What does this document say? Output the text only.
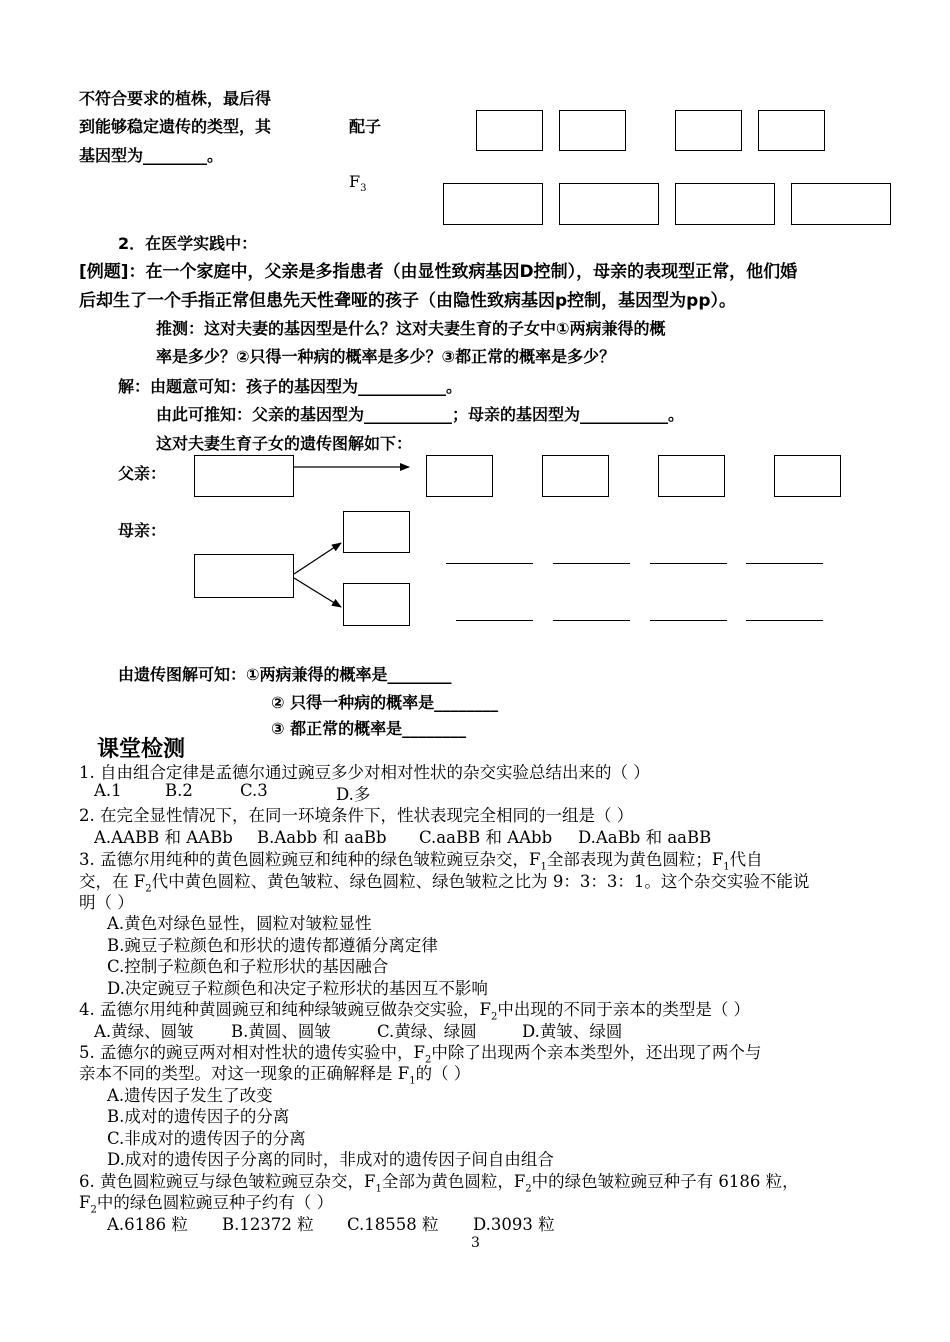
不符合要求的植株，最后得
到能够稳定遗传的类型，其
基因型为________。
配子
$F_3$
2．在医学实践中：
[例题]：在一个家庭中，父亲是多指患者（由显性致病基因D控制），母亲的表现型正常，他们婚
后却生了一个手指正常但患先天性聋哑的孩子（由隐性致病基因p控制，基因型为pp）。
推测：这对夫妻的基因型是什么？这对夫妻生育的子女中①两病兼得的概
率是多少？②只得一种病的概率是多少？③都正常的概率是多少？
解：由题意可知：孩子的基因型为___________。
由此可推知：父亲的基因型为___________；母亲的基因型为___________。
这对夫妻生育子女的遗传图解如下：
父亲：
母亲：
由遗传图解可知：①两病兼得的概率是________
② 只得一种病的概率是________
③ 都正常的概率是________
课堂检测
1. 自由组合定律是孟德尔通过豌豆多少对相对性状的杂交实验总结出来的（ ）
A.1	B.2	C.3	D.多
2. 在完全显性情况下，在同一环境条件下，性状表现完全相同的一组是（ ）
A.AABB 和 AABb B.Aabb 和 aaBb C.aaBB 和 AAbb D.AaBb 和 aaBB
3. 孟德尔用纯种的黄色圆粒豌豆和纯种的绿色皱粒豌豆杂交，$F_1$全部表现为黄色圆粒；$F_1$代自
交，在 $F_2$代中黄色圆粒、黄色皱粒、绿色圆粒、绿色皱粒之比为 9：3：3：1。这个杂交实验不能说
明（ ）
A.黄色对绿色显性，圆粒对皱粒显性
B.豌豆子粒颜色和形状的遗传都遵循分离定律
C.控制子粒颜色和子粒形状的基因融合
D.决定豌豆子粒颜色和决定子粒形状的基因互不影响
4. 孟德尔用纯种黄圆豌豆和纯种绿皱豌豆做杂交实验，$F_2$中出现的不同于亲本的类型是（ ）
A.黄绿、圆皱 B.黄圆、圆皱	C.黄绿、绿圆	D.黄皱、绿圆
5. 孟德尔的豌豆两对相对性状的遗传实验中，$F_2$中除了出现两个亲本类型外，还出现了两个与
亲本不同的类型。对这一现象的正确解释是 $F_1$的（ ）
A.遗传因子发生了改变
B.成对的遗传因子的分离
C.非成对的遗传因子的分离
D.成对的遗传因子分离的同时，非成对的遗传因子间自由组合
6. 黄色圆粒豌豆与绿色皱粒豌豆杂交，$F_1$全部为黄色圆粒，$F_2$中的绿色皱粒豌豆种子有 6186 粒，
$F_2$中的绿色圆粒豌豆种子约有（ ）
A.6186 粒 B.12372 粒 C.18558 粒 D.3093 粒
3
